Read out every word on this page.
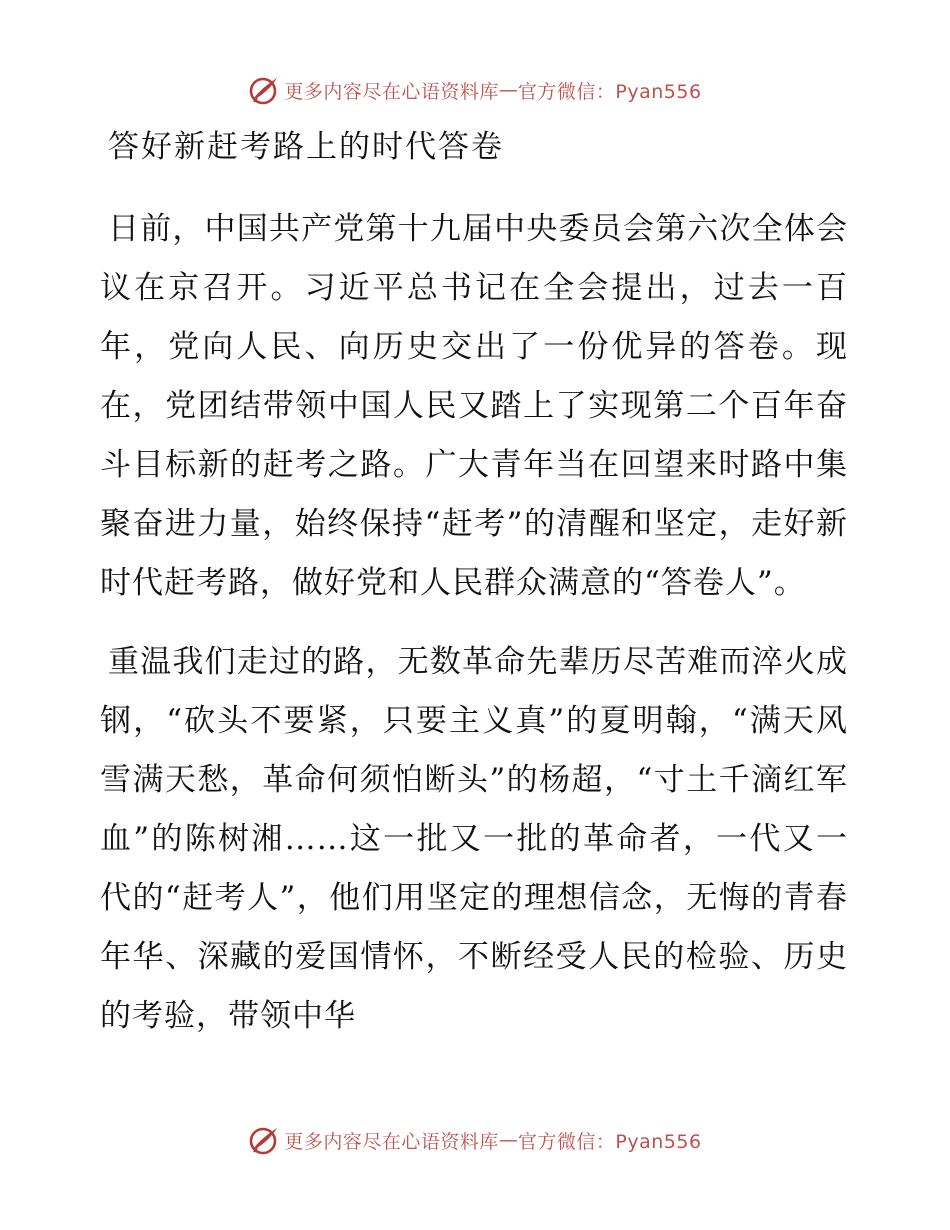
更多内容尽在心语资料库 — 官方微信：Pyan556
答好新赶考路上的时代答卷

日前，中国共产党第十九届中央委员会第六次全体会议在京召开。习近平总书记在全会提出，过去一百年，党向人民、向历史交出了一份优异的答卷。现在，党团结带领中国人民又踏上了实现第二个百年奋斗目标新的赶考之路。广大青年当在回望来时路中集聚奋进力量，始终保持“赶考”的清醒和坚定，走好新时代赶考路，做好党和人民群众满意的“答卷人”。

重温我们走过的路，无数革命先辈历尽苦难而淬火成钢，“砍头不要紧，只要主义真”的夏明翰，“满天风雪满天愁，革命何须怕断头”的杨超，“寸土千滴红军血”的陈树湘……这一批又一批的革命者，一代又一代的“赶考人”，他们用坚定的理想信念，无悔的青春年华、深藏的爱国情怀，不断经受人民的检验、历史的考验，带领中华

更多内容尽在心语资料库 — 官方微信：Pyan556
